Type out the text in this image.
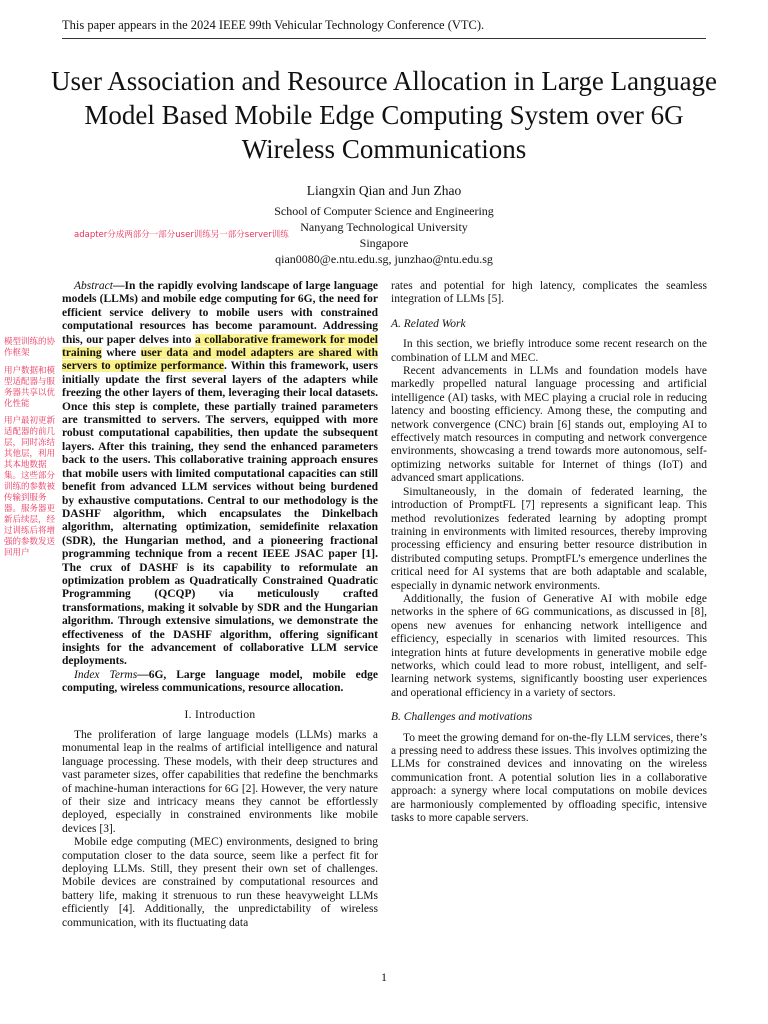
This paper appears in the 2024 IEEE 99th Vehicular Technology Conference (VTC).
User Association and Resource Allocation in Large Language Model Based Mobile Edge Computing System over 6G Wireless Communications
Liangxin Qian and Jun Zhao
School of Computer Science and Engineering
Nanyang Technological University
Singapore
qian0080@e.ntu.edu.sg, junzhao@ntu.edu.sg
adapter分成两部分一部分user训练另一部分server训练
模型训练的协作框架
用户数据和模型适配器与服务器共享以优化性能
用户最初更新适配器的前几层，同时冻结其他层，利用其本地数据集。这些部分训练的参数被传输到服务器。服务器更新后续层，经过训练后将增强的参数发送回用户

Abstract—In the rapidly evolving landscape of large language models (LLMs) and mobile edge computing for 6G, the need for efficient service delivery to mobile users with constrained computational resources has become paramount. Addressing this, our paper delves into a collaborative framework for model training where user data and model adapters are shared with servers to optimize performance. Within this framework, users initially update the first several layers of the adapters while freezing the other layers of them, leveraging their local datasets. Once this step is complete, these partially trained parameters are transmitted to servers. The servers, equipped with more robust computational capabilities, then update the subsequent layers. After this training, they send the enhanced parameters back to the users. This collaborative training approach ensures that mobile users with limited computational capacities can still benefit from advanced LLM services without being burdened by exhaustive computations. Central to our methodology is the DASHF algorithm, which encapsulates the Dinkelbach algorithm, alternating optimization, semidefinite relaxation (SDR), the Hungarian method, and a pioneering fractional programming technique from a recent IEEE JSAC paper [1]. The crux of DASHF is its capability to reformulate an optimization problem as Quadratically Constrained Quadratic Programming (QCQP) via meticulously crafted transformations, making it solvable by SDR and the Hungarian algorithm. Through extensive simulations, we demonstrate the effectiveness of the DASHF algorithm, offering significant insights for the advancement of collaborative LLM service deployments.

Index Terms—6G, Large language model, mobile edge computing, wireless communications, resource allocation.

I. Introduction

The proliferation of large language models (LLMs) marks a monumental leap in the realms of artificial intelligence and natural language processing. These models, with their deep structures and vast parameter sizes, offer capabilities that redefine the benchmarks of machine-human interactions for 6G [2]. However, the very nature of their size and intricacy means they cannot be effortlessly deployed, especially in constrained environments like mobile devices [3].

Mobile edge computing (MEC) environments, designed to bring computation closer to the data source, seem like a perfect fit for deploying LLMs. Still, they present their own set of challenges. Mobile devices are constrained by computational resources and battery life, making it strenuous to run these heavyweight LLMs efficiently [4]. Additionally, the unpredictability of wireless communication, with its fluctuating data

rates and potential for high latency, complicates the seamless integration of LLMs [5].

A. Related Work

In this section, we briefly introduce some recent research on the combination of LLM and MEC.

Recent advancements in LLMs and foundation models have markedly propelled natural language processing and artificial intelligence (AI) tasks, with MEC playing a crucial role in reducing latency and boosting efficiency. Among these, the computing and network convergence (CNC) brain [6] stands out, employing AI to effectively match resources in computing and network convergence environments, showcasing a trend towards more autonomous, self-optimizing networks suitable for Internet of things (IoT) and advanced smart applications.

Simultaneously, in the domain of federated learning, the introduction of PromptFL [7] represents a significant leap. This method revolutionizes federated learning by adopting prompt training in environments with limited resources, thereby improving processing efficiency and ensuring better resource distribution in distributed computing setups. PromptFL’s emergence underlines the critical need for AI systems that are both adaptable and scalable, especially in dynamic network environments.

Additionally, the fusion of Generative AI with mobile edge networks in the sphere of 6G communications, as discussed in [8], opens new avenues for enhancing network intelligence and efficiency, especially in scenarios with limited resources. This integration hints at future developments in generative mobile edge networks, which could lead to more robust, intelligent, and self-learning network systems, significantly boosting user experiences and operational efficiency in a variety of sectors.

B. Challenges and motivations

To meet the growing demand for on-the-fly LLM services, there’s a pressing need to address these issues. This involves optimizing the LLMs for constrained devices and innovating on the wireless communication front. A potential solution lies in a collaborative approach: a synergy where local computations on mobile devices are harmoniously complemented by offloading specific, intensive tasks to more capable servers.

1
